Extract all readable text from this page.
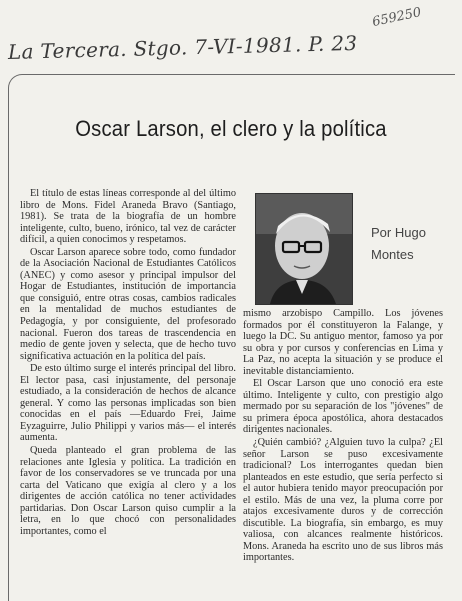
La Tercera. Stgo. 7-VI-1981. P. 23
659250
Oscar Larson, el clero y la política
Por Hugo
Montes

El título de estas líneas corresponde al del último libro de Mons. Fidel Araneda Bravo (Santiago, 1981). Se trata de la biografía de un hombre inteligente, culto, bueno, irónico, tal vez de carácter difícil, a quien conocimos y respetamos.

Oscar Larson aparece sobre todo, como fundador de la Asociación Nacional de Estudiantes Católicos (ANEC) y como asesor y principal impulsor del Hogar de Estudiantes, institución de importancia que consiguió, entre otras cosas, cambios radicales en la mentalidad de muchos estudiantes de Pedagogía, y por consiguiente, del profesorado nacional. Fueron dos tareas de trascendencia en medio de gente joven y selecta, que de hecho tuvo significativa actuación en la política del país.

De esto último surge el interés principal del libro. El lector pasa, casi injustamente, del personaje estudiado, a la consideración de hechos de alcance general. Y como las personas implicadas son bien conocidas en el país —Eduardo Frei, Jaime Eyzaguirre, Julio Philippi y varios más— el interés aumenta.

Queda planteado el gran problema de las relaciones ante Iglesia y política. La tradición en favor de los conservadores se ve truncada por una carta del Vaticano que exigía al clero y a los dirigentes de acción católica no tener actividades partidarias. Don Oscar Larson quiso cumplir a la letra, en lo que chocó con personalidades importantes, como el

mismo arzobispo Campillo. Los jóvenes formados por él constituyeron la Falange, y luego la DC. Su antiguo mentor, famoso ya por su obra y por cursos y conferencias en Lima y La Paz, no acepta la situación y se produce el inevitable distanciamiento.

El Oscar Larson que uno conoció era este último. Inteligente y culto, con prestigio algo mermado por su separación de los "jóvenes" de su primera época apostólica, ahora destacados dirigentes nacionales.

¿Quién cambió? ¿Alguien tuvo la culpa? ¿El señor Larson se puso excesivamente tradicional? Los interrogantes quedan bien planteados en este estudio, que sería perfecto si el autor hubiera tenido mayor preocupación por el estilo. Más de una vez, la pluma corre por atajos excesivamente duros y de corrección discutible. La biografía, sin embargo, es muy valiosa, con alcances realmente históricos. Mons. Araneda ha escrito uno de sus libros más importantes.
